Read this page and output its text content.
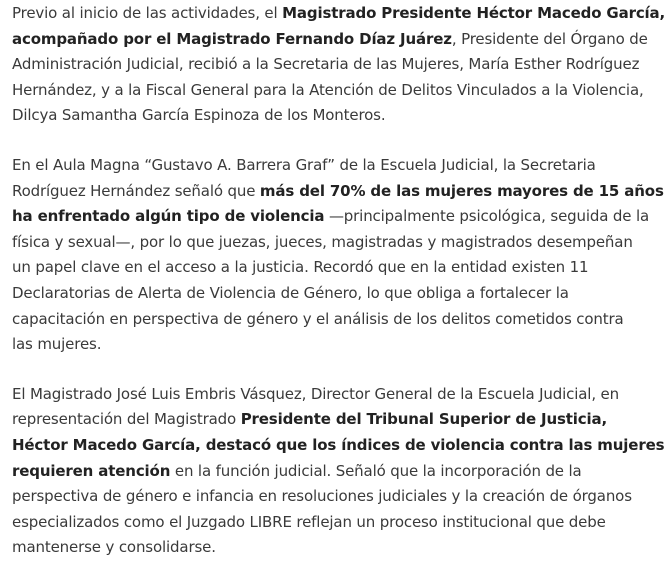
Previo al inicio de las actividades, el Magistrado Presidente Héctor Macedo García,
acompañado por el Magistrado Fernando Díaz Juárez, Presidente del Órgano de
Administración Judicial, recibió a la Secretaria de las Mujeres, María Esther Rodríguez
Hernández, y a la Fiscal General para la Atención de Delitos Vinculados a la Violencia,
Dilcya Samantha García Espinoza de los Monteros.

En el Aula Magna “Gustavo A. Barrera Graf” de la Escuela Judicial, la Secretaria
Rodríguez Hernández señaló que más del 70% de las mujeres mayores de 15 años
ha enfrentado algún tipo de violencia —principalmente psicológica, seguida de la
física y sexual—, por lo que juezas, jueces, magistradas y magistrados desempeñan
un papel clave en el acceso a la justicia. Recordó que en la entidad existen 11
Declaratorias de Alerta de Violencia de Género, lo que obliga a fortalecer la
capacitación en perspectiva de género y el análisis de los delitos cometidos contra
las mujeres.

El Magistrado José Luis Embris Vásquez, Director General de la Escuela Judicial, en
representación del Magistrado Presidente del Tribunal Superior de Justicia,
Héctor Macedo García, destacó que los índices de violencia contra las mujeres
requieren atención en la función judicial. Señaló que la incorporación de la
perspectiva de género e infancia en resoluciones judiciales y la creación de órganos
especializados como el Juzgado LIBRE reflejan un proceso institucional que debe
mantenerse y consolidarse.
